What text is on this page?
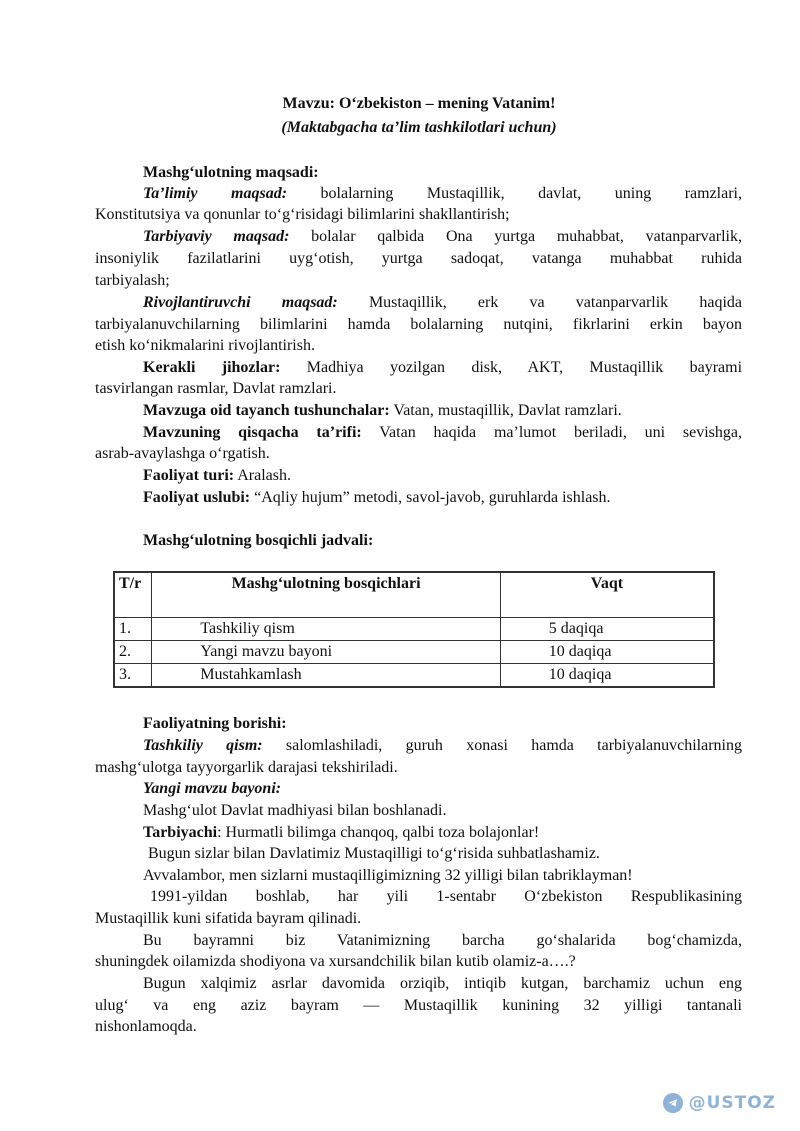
Mavzu: O‘zbekiston – mening Vatanim!
(Maktabgacha ta’lim tashkilotlari uchun)
Mashg‘ulotning maqsadi:
Ta’limiy maqsad: bolalarning Mustaqillik, davlat, uning ramzlari,
Konstitutsiya va qonunlar to‘g‘risidagi bilimlarini shakllantirish;
Tarbiyaviy maqsad: bolalar qalbida Ona yurtga muhabbat, vatanparvarlik,
insoniylik fazilatlarini uyg‘otish, yurtga sadoqat, vatanga muhabbat ruhida
tarbiyalash;
Rivojlantiruvchi maqsad: Mustaqillik, erk va vatanparvarlik haqida
tarbiyalanuvchilarning bilimlarini hamda bolalarning nutqini, fikrlarini erkin bayon
etish ko‘nikmalarini rivojlantirish.
Kerakli jihozlar: Madhiya yozilgan disk, AKT, Mustaqillik bayrami
tasvirlangan rasmlar, Davlat ramzlari.
Mavzuga oid tayanch tushunchalar: Vatan, mustaqillik, Davlat ramzlari.
Mavzuning qisqacha ta’rifi: Vatan haqida ma’lumot beriladi, uni sevishga,
asrab-avaylashga o‘rgatish.
Faoliyat turi: Aralash.
Faoliyat uslubi: “Aqliy hujum” metodi, savol-javob, guruhlarda ishlash.
Mashg‘ulotning bosqichli jadvali:
T/r	Mashg‘ulotning bosqichlari	Vaqt
1.	Tashkiliy qism	5 daqiqa
2.	Yangi mavzu bayoni	10 daqiqa
3.	Mustahkamlash	10 daqiqa
Faoliyatning borishi:
Tashkiliy qism: salomlashiladi, guruh xonasi hamda tarbiyalanuvchilarning
mashg‘ulotga tayyorgarlik darajasi tekshiriladi.
Yangi mavzu bayoni:
Mashg‘ulot Davlat madhiyasi bilan boshlanadi.
Tarbiyachi: Hurmatli bilimga chanqoq, qalbi toza bolajonlar!
Bugun sizlar bilan Davlatimiz Mustaqilligi to‘g‘risida suhbatlashamiz.
Avvalambor, men sizlarni mustaqilligimizning 32 yilligi bilan tabriklayman!
1991-yildan boshlab, har yili 1-sentabr O‘zbekiston Respublikasining
Mustaqillik kuni sifatida bayram qilinadi.
Bu bayramni biz Vatanimizning barcha go‘shalarida bog‘chamizda,
shuningdek oilamizda shodiyona va xursandchilik bilan kutib olamiz-a….?
Bugun xalqimiz asrlar davomida orziqib, intiqib kutgan, barchamiz uchun eng
ulug‘ va eng aziz bayram — Mustaqillik kunining 32 yilligi tantanali
nishonlamoqda.
@USTOZ
